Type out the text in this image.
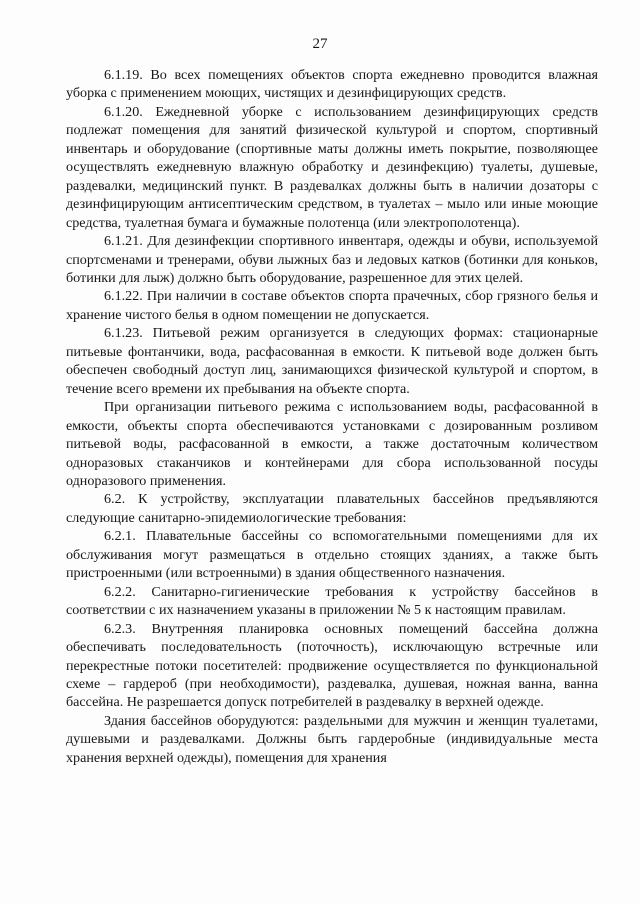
27

6.1.19. Во всех помещениях объектов спорта ежедневно проводится влажная уборка с применением моющих, чистящих и дезинфицирующих средств.

6.1.20. Ежедневной уборке с использованием дезинфицирующих средств подлежат помещения для занятий физической культурой и спортом, спортивный инвентарь и оборудование (спортивные маты должны иметь покрытие, позволяющее осуществлять ежедневную влажную обработку и дезинфекцию) туалеты, душевые, раздевалки, медицинский пункт. В раздевалках должны быть в наличии дозаторы с дезинфицирующим антисептическим средством, в туалетах – мыло или иные моющие средства, туалетная бумага и бумажные полотенца (или электрополотенца).

6.1.21. Для дезинфекции спортивного инвентаря, одежды и обуви, используемой спортсменами и тренерами, обуви лыжных баз и ледовых катков (ботинки для коньков, ботинки для лыж) должно быть оборудование, разрешенное для этих целей.

6.1.22. При наличии в составе объектов спорта прачечных, сбор грязного белья и хранение чистого белья в одном помещении не допускается.

6.1.23. Питьевой режим организуется в следующих формах: стационарные питьевые фонтанчики, вода, расфасованная в емкости. К питьевой воде должен быть обеспечен свободный доступ лиц, занимающихся физической культурой и спортом, в течение всего времени их пребывания на объекте спорта.

При организации питьевого режима с использованием воды, расфасованной в емкости, объекты спорта обеспечиваются установками с дозированным розливом питьевой воды, расфасованной в емкости, а также достаточным количеством одноразовых стаканчиков и контейнерами для сбора использованной посуды одноразового применения.

6.2. К устройству, эксплуатации плавательных бассейнов предъявляются следующие санитарно-эпидемиологические требования:

6.2.1. Плавательные бассейны со вспомогательными помещениями для их обслуживания могут размещаться в отдельно стоящих зданиях, а также быть пристроенными (или встроенными) в здания общественного назначения.

6.2.2. Санитарно-гигиенические требования к устройству бассейнов в соответствии с их назначением указаны в приложении № 5 к настоящим правилам.

6.2.3. Внутренняя планировка основных помещений бассейна должна обеспечивать последовательность (поточность), исключающую встречные или перекрестные потоки посетителей: продвижение осуществляется по функциональной схеме – гардероб (при необходимости), раздевалка, душевая, ножная ванна, ванна бассейна. Не разрешается допуск потребителей в раздевалку в верхней одежде.

Здания бассейнов оборудуются: раздельными для мужчин и женщин туалетами, душевыми и раздевалками. Должны быть гардеробные (индивидуальные места хранения верхней одежды), помещения для хранения
